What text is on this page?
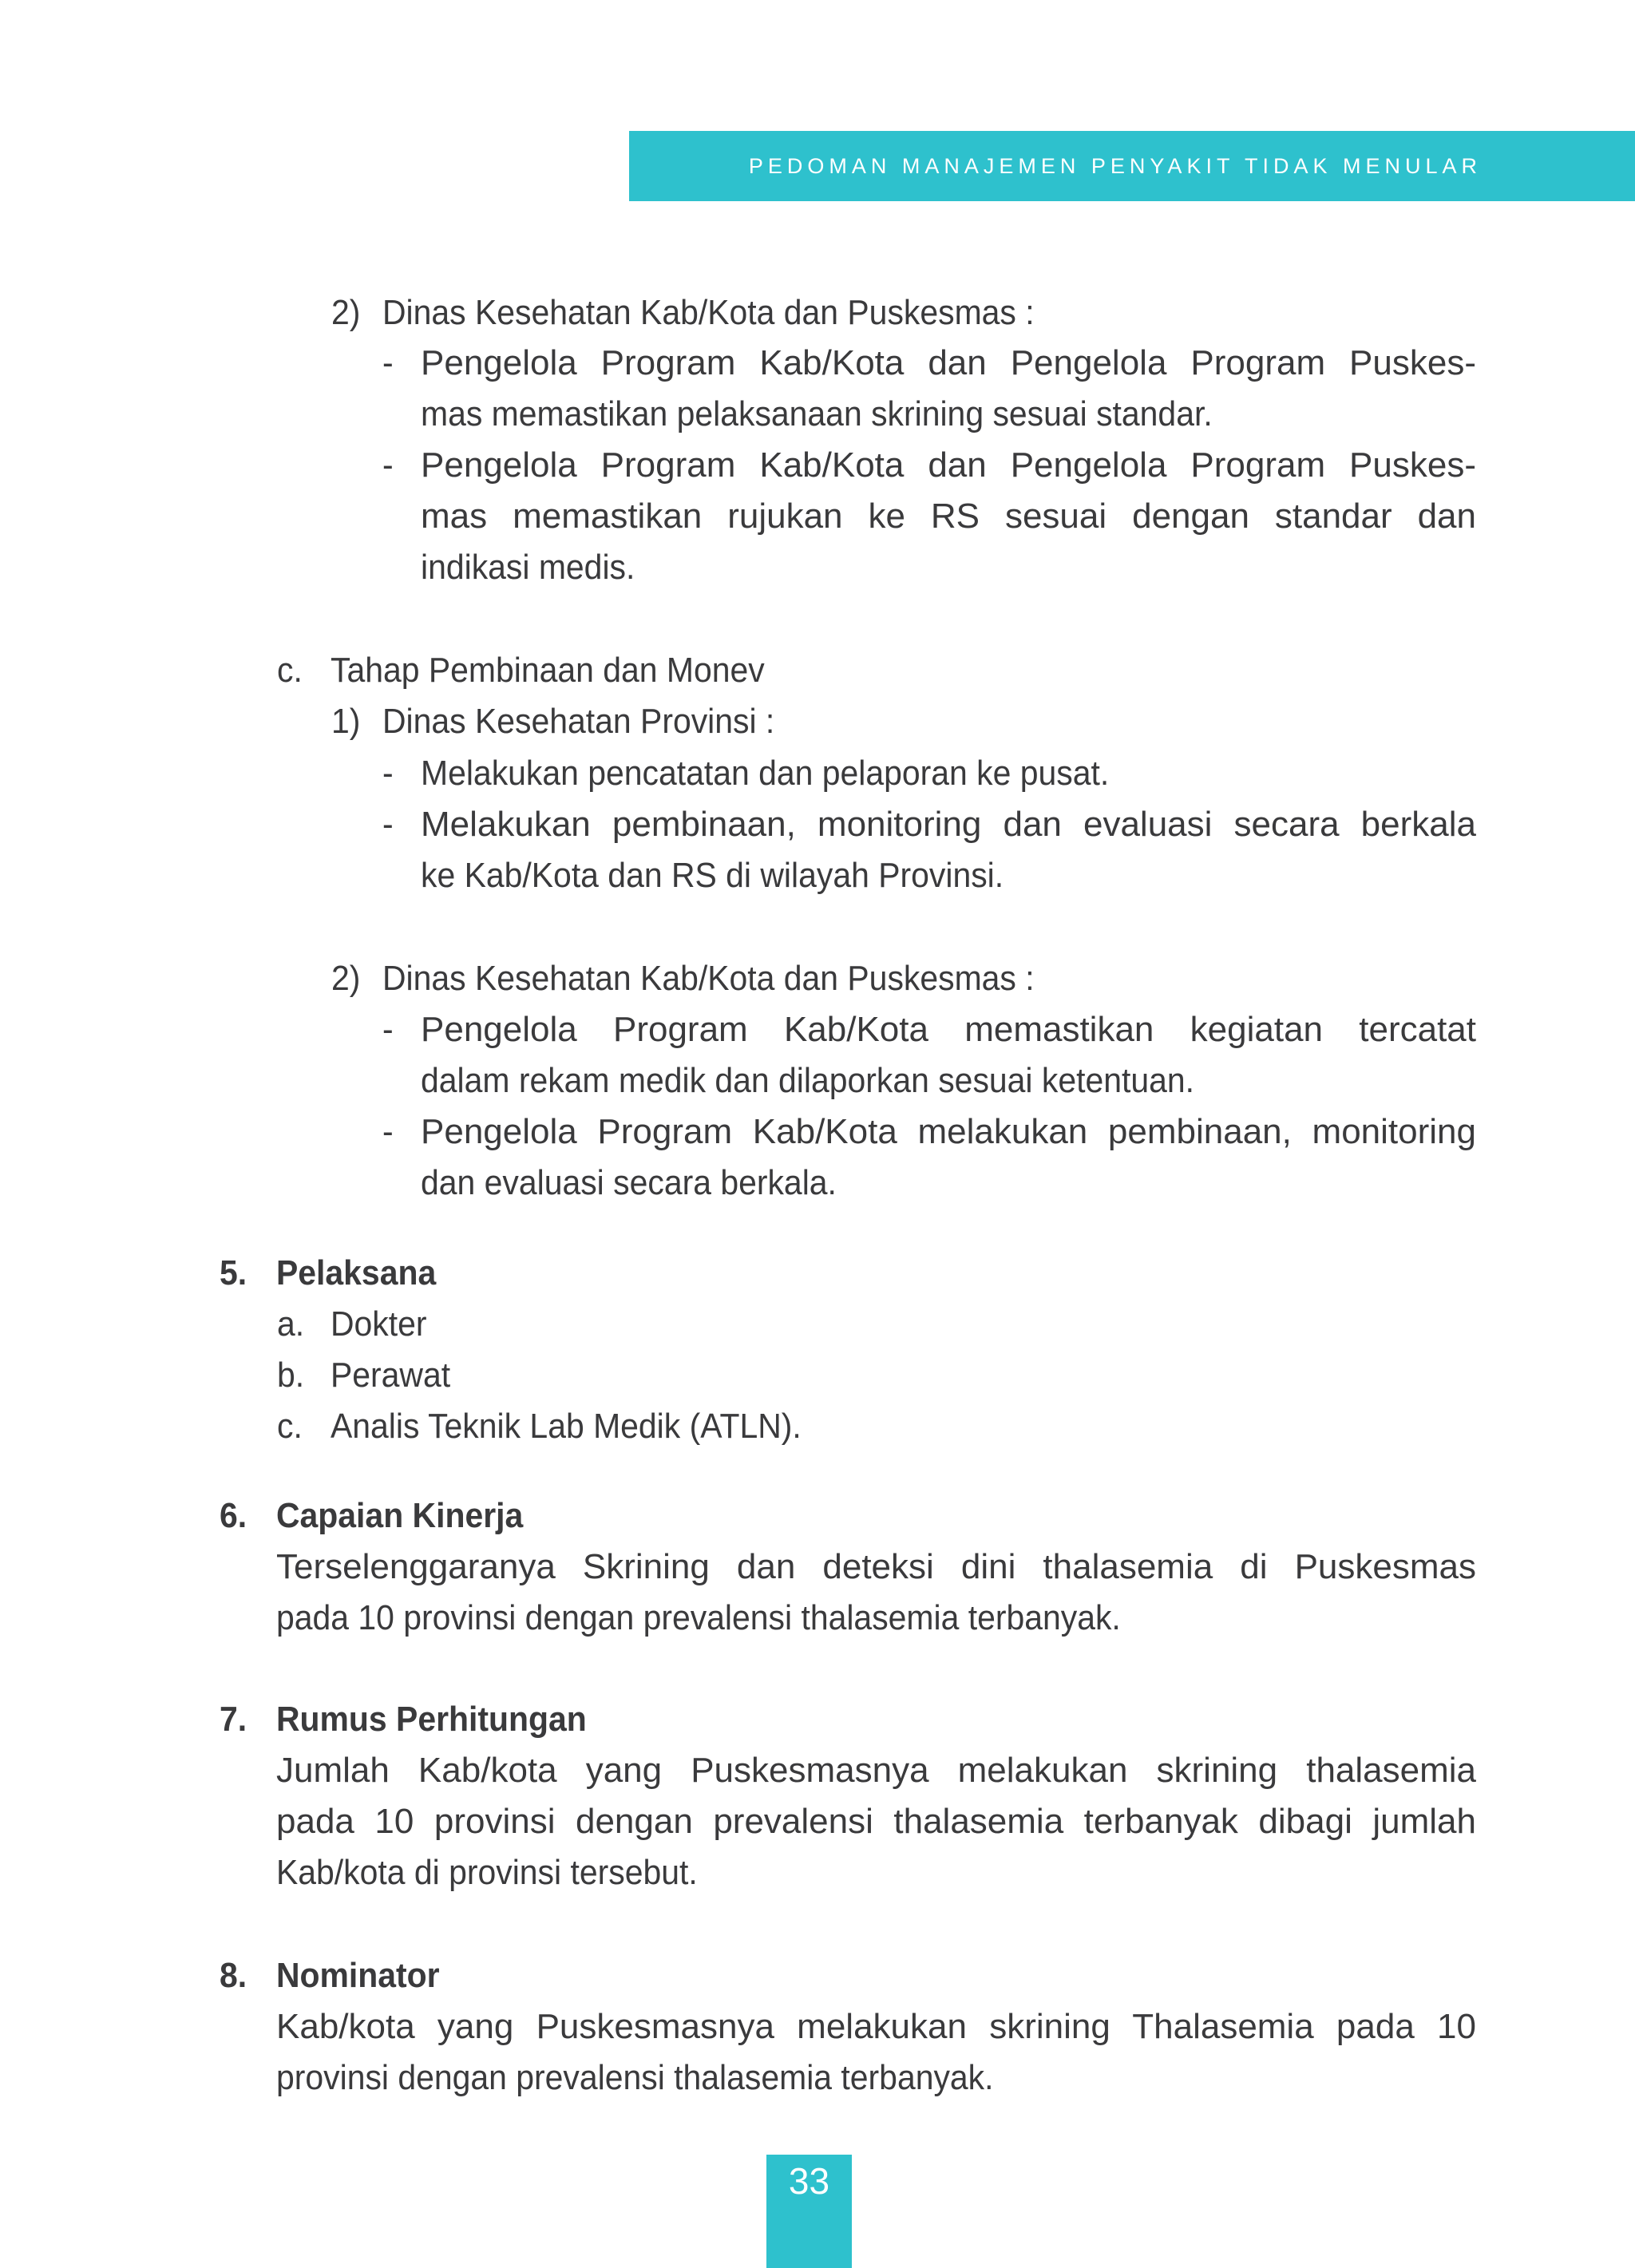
PEDOMAN MANAJEMEN PENYAKIT TIDAK MENULAR
2) Dinas Kesehatan Kab/Kota dan Puskesmas :
- Pengelola Program Kab/Kota dan Pengelola Program Puskes-
mas memastikan pelaksanaan skrining sesuai standar.
- Pengelola Program Kab/Kota dan Pengelola Program Puskes-
mas memastikan rujukan ke RS sesuai dengan standar dan
indikasi medis.
c. Tahap Pembinaan dan Monev
1) Dinas Kesehatan Provinsi :
- Melakukan pencatatan dan pelaporan ke pusat.
- Melakukan pembinaan, monitoring dan evaluasi secara berkala
ke Kab/Kota dan RS di wilayah Provinsi.
2) Dinas Kesehatan Kab/Kota dan Puskesmas :
- Pengelola Program Kab/Kota memastikan kegiatan tercatat
dalam rekam medik dan dilaporkan sesuai ketentuan.
- Pengelola Program Kab/Kota melakukan pembinaan, monitoring
dan evaluasi secara berkala.
5. Pelaksana
a. Dokter
b. Perawat
c. Analis Teknik Lab Medik (ATLN).
6. Capaian Kinerja
Terselenggaranya Skrining dan deteksi dini thalasemia di Puskesmas
pada 10 provinsi dengan prevalensi thalasemia terbanyak.
7. Rumus Perhitungan
Jumlah Kab/kota yang Puskesmasnya melakukan skrining thalasemia
pada 10 provinsi dengan prevalensi thalasemia terbanyak dibagi jumlah
Kab/kota di provinsi tersebut.
8. Nominator
Kab/kota yang Puskesmasnya melakukan skrining Thalasemia pada 10
provinsi dengan prevalensi thalasemia terbanyak.
33
